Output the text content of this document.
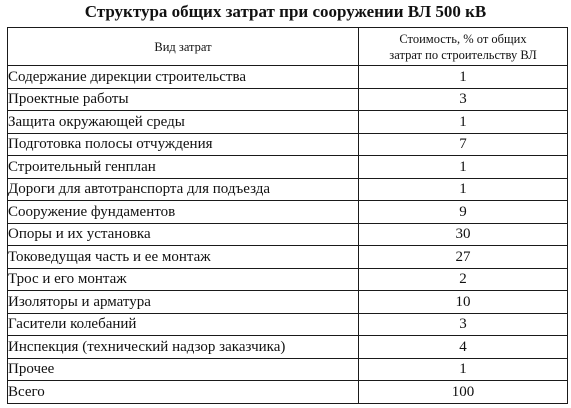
Структура общих затрат при сооружении ВЛ 500 кВ
Вид затрат	Стоимость, % от общих
затрат по строительству ВЛ

Содержание дирекции строительства	1
Проектные работы	3
Защита окружающей среды	1
Подготовка полосы отчуждения	7
Строительный генплан	1
Дороги для автотранспорта для подъезда	1
Сооружение фундаментов	9
Опоры и их установка	30
Токоведущая часть и ее монтаж	27
Трос и его монтаж	2
Изоляторы и арматура	10
Гасители колебаний	3
Инспекция (технический надзор заказчика)	4
Прочее	1
Всего	100
